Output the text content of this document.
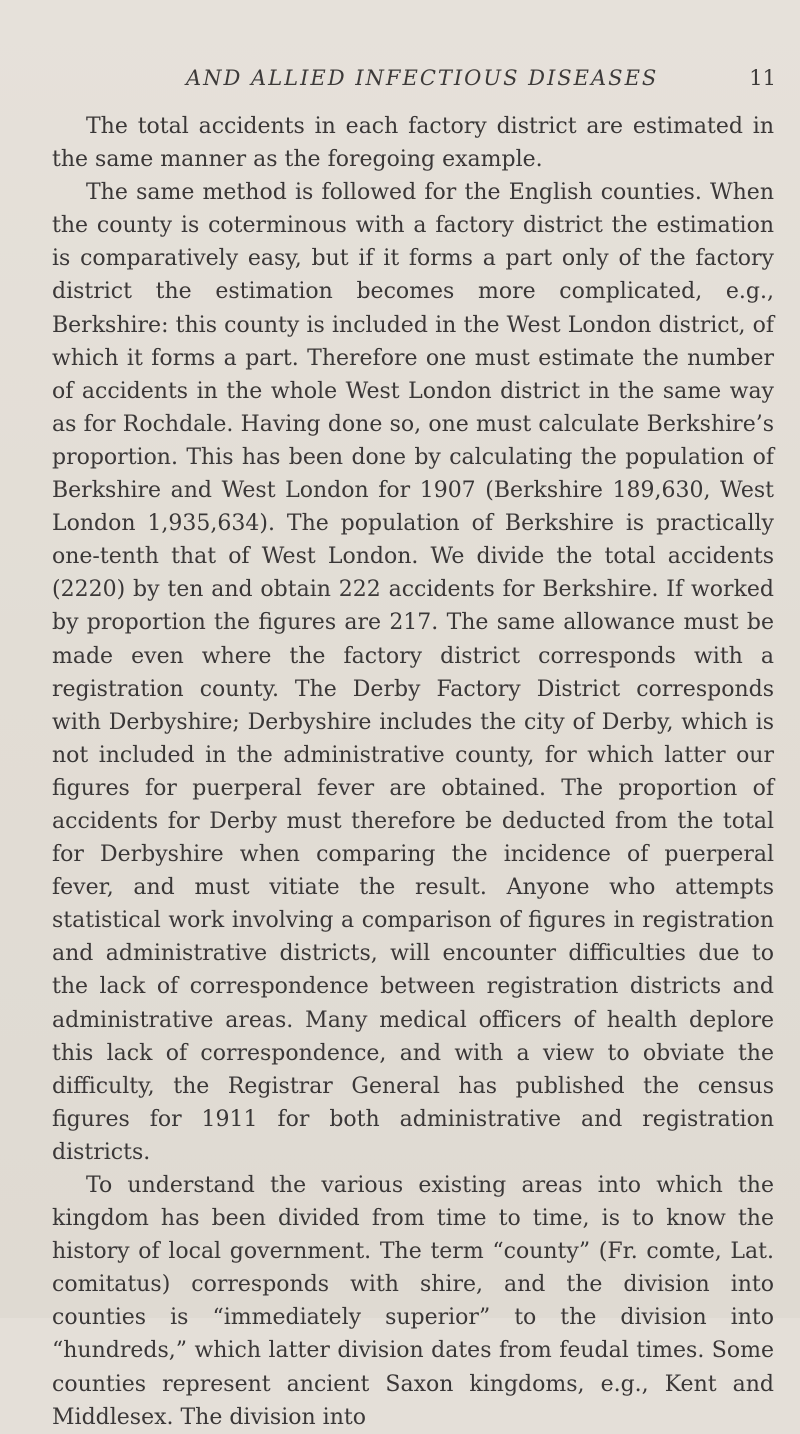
AND ALLIED INFECTIOUS DISEASES	11

The total accidents in each factory district are estimated in the same manner as the foregoing example.

The same method is followed for the English counties. When the county is coterminous with a factory district the estimation is comparatively easy, but if it forms a part only of the factory district the estimation becomes more complicated, e.g., Berkshire: this county is included in the West London district, of which it forms a part. Therefore one must estimate the number of accidents in the whole West London district in the same way as for Rochdale. Having done so, one must calculate Berkshire’s proportion. This has been done by calculating the population of Berkshire and West London for 1907 (Berkshire 189,630, West London 1,935,634). The population of Berkshire is practically one-tenth that of West London. We divide the total accidents (2220) by ten and obtain 222 accidents for Berkshire. If worked by proportion the figures are 217. The same allowance must be made even where the factory district corresponds with a registration county. The Derby Factory District corresponds with Derbyshire; Derbyshire includes the city of Derby, which is not included in the administrative county, for which latter our figures for puerperal fever are obtained. The proportion of accidents for Derby must therefore be deducted from the total for Derbyshire when comparing the incidence of puerperal fever, and must vitiate the result. Anyone who attempts statistical work involving a comparison of figures in registration and administrative districts, will encounter difficulties due to the lack of correspondence between registration districts and administrative areas. Many medical officers of health deplore this lack of correspondence, and with a view to obviate the difficulty, the Registrar General has published the census figures for 1911 for both administrative and registration districts.

To understand the various existing areas into which the kingdom has been divided from time to time, is to know the history of local government. The term “county” (Fr. comte, Lat. comitatus) corresponds with shire, and the division into counties is “immediately superior” to the division into “hundreds,” which latter division dates from feudal times. Some counties represent ancient Saxon kingdoms, e.g., Kent and Middlesex. The division into
